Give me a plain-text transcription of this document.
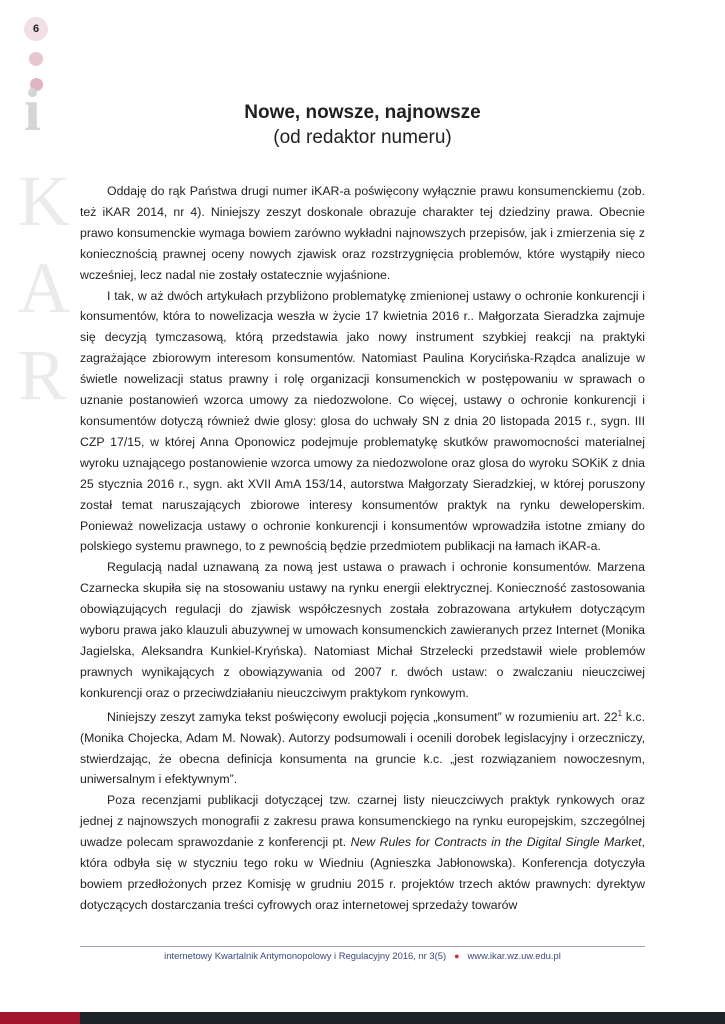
6
i
K
A
R
Nowe, nowsze, najnowsze
(od redaktor numeru)

Oddaję do rąk Państwa drugi numer iKAR-a poświęcony wyłącznie prawu konsumenckiemu (zob. też iKAR 2014, nr 4). Niniejszy zeszyt doskonale obrazuje charakter tej dziedziny prawa. Obecnie prawo konsumenckie wymaga bowiem zarówno wykładni najnowszych przepisów, jak i zmierzenia się z koniecznością prawnej oceny nowych zjawisk oraz rozstrzygnięcia problemów, które wystąpiły nieco wcześniej, lecz nadal nie zostały ostatecznie wyjaśnione.

I tak, w aż dwóch artykułach przybliżono problematykę zmienionej ustawy o ochronie konkurencji i konsumentów, która to nowelizacja weszła w życie 17 kwietnia 2016 r.. Małgorzata Sieradzka zajmuje się decyzją tymczasową, którą przedstawia jako nowy instrument szybkiej reakcji na praktyki zagrażające zbiorowym interesom konsumentów. Natomiast Paulina Korycińska-Rządca analizuje w świetle nowelizacji status prawny i rolę organizacji konsumenckich w postępowaniu w sprawach o uznanie postanowień wzorca umowy za niedozwolone. Co więcej, ustawy o ochronie konkurencji i konsumentów dotyczą również dwie glosy: glosa do uchwały SN z dnia 20 listopada 2015 r., sygn. III CZP 17/15, w której Anna Oponowicz podejmuje problematykę skutków prawomocności materialnej wyroku uznającego postanowienie wzorca umowy za niedozwolone oraz glosa do wyroku SOKiK z dnia 25 stycznia 2016 r., sygn. akt XVII AmA 153/14, autorstwa Małgorzaty Sieradzkiej, w której poruszony został temat naruszających zbiorowe interesy konsumentów praktyk na rynku deweloperskim. Ponieważ nowelizacja ustawy o ochronie konkurencji i konsumentów wprowadziła istotne zmiany do polskiego systemu prawnego, to z pewnością będzie przedmiotem publikacji na łamach iKAR-a.

Regulacją nadal uznawaną za nową jest ustawa o prawach i ochronie konsumentów. Marzena Czarnecka skupiła się na stosowaniu ustawy na rynku energii elektrycznej. Konieczność zastosowania obowiązujących regulacji do zjawisk współczesnych została zobrazowana artykułem dotyczącym wyboru prawa jako klauzuli abuzywnej w umowach konsumenckich zawieranych przez Internet (Monika Jagielska, Aleksandra Kunkiel-Kryńska). Natomiast Michał Strzelecki przedstawił wiele problemów prawnych wynikających z obowiązywania od 2007 r. dwóch ustaw: o zwalczaniu nieuczciwej konkurencji oraz o przeciwdziałaniu nieuczciwym praktykom rynkowym.

Niniejszy zeszyt zamyka tekst poświęcony ewolucji pojęcia „konsument” w rozumieniu art. $22^1$ k.c. (Monika Chojecka, Adam M. Nowak). Autorzy podsumowali i ocenili dorobek legislacyjny i orzeczniczy, stwierdzając, że obecna definicja konsumenta na gruncie k.c. „jest rozwiązaniem nowoczesnym, uniwersalnym i efektywnym”.

Poza recenzjami publikacji dotyczącej tzw. czarnej listy nieuczciwych praktyk rynkowych oraz jednej z najnowszych monografii z zakresu prawa konsumenckiego na rynku europejskim, szczególnej uwadze polecam sprawozdanie z konferencji pt. New Rules for Contracts in the Digital Single Market, która odbyła się w styczniu tego roku w Wiedniu (Agnieszka Jabłonowska). Konferencja dotyczyła bowiem przedłożonych przez Komisję w grudniu 2015 r. projektów trzech aktów prawnych: dyrektyw dotyczących dostarczania treści cyfrowych oraz internetowej sprzedaży towarów

internetowy Kwartalnik Antymonopolowy i Regulacyjny 2016, nr 3(5) ● www.ikar.wz.uw.edu.pl
